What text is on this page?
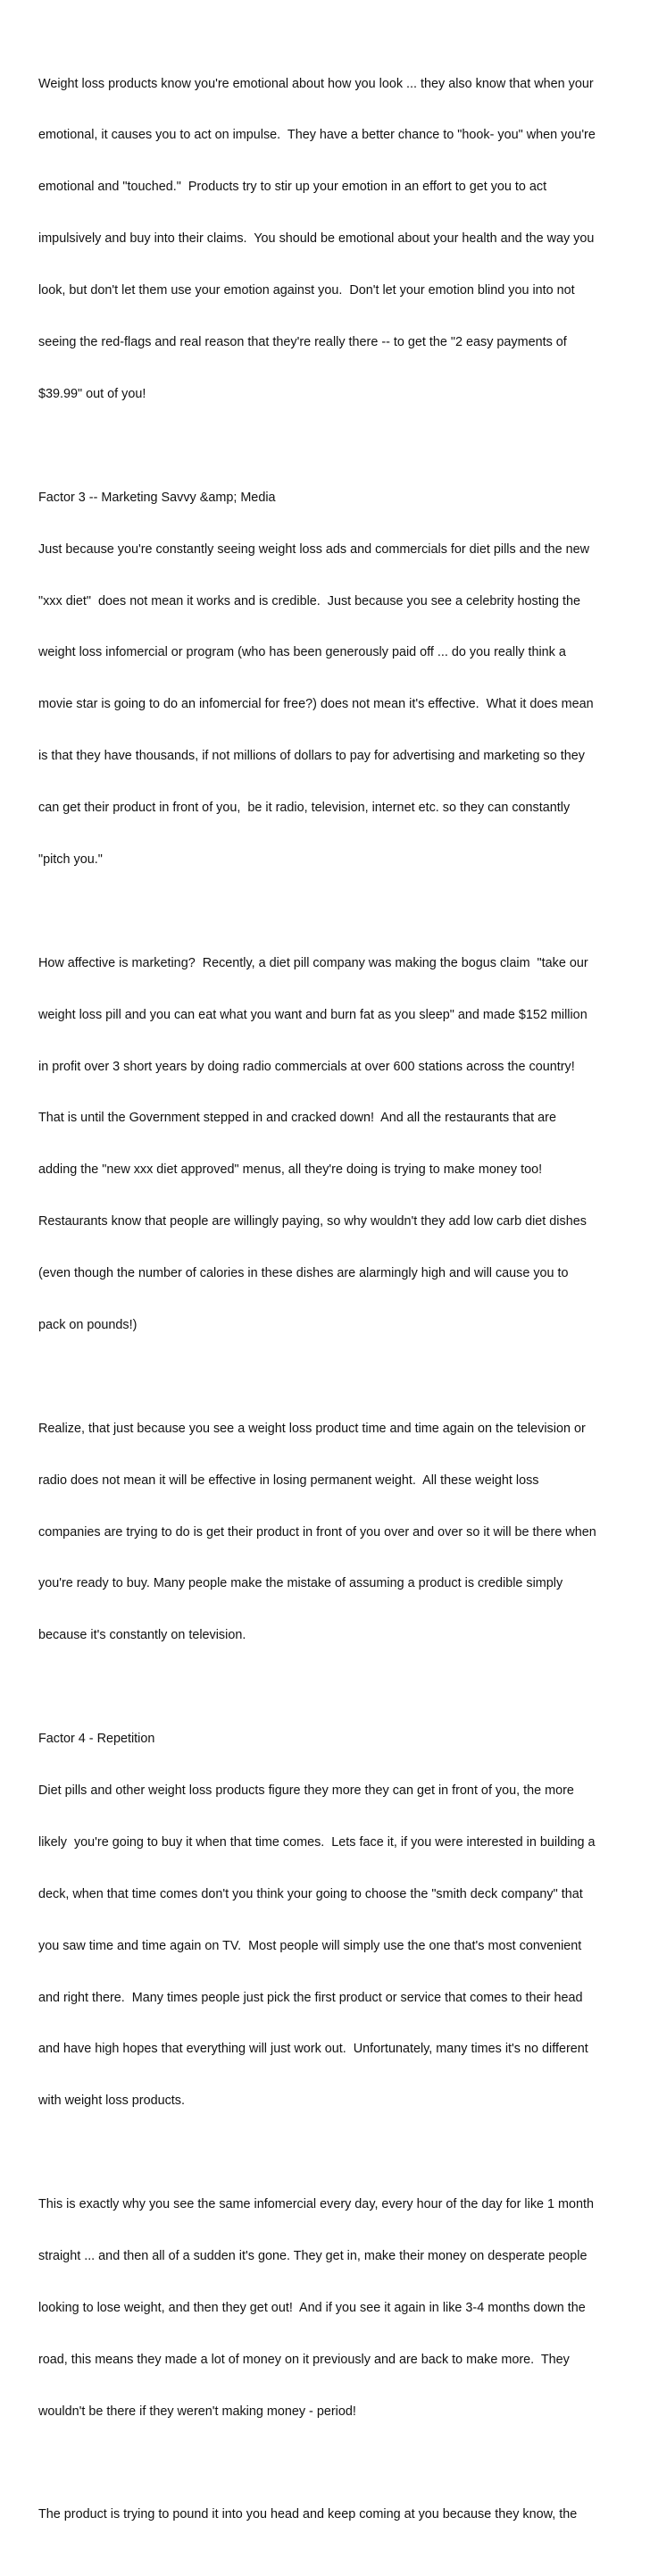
Weight loss products know you're emotional about how you look ... they also know that when your

emotional, it causes you to act on impulse.  They have a better chance to "hook- you" when you're

emotional and "touched."  Products try to stir up your emotion in an effort to get you to act

impulsively and buy into their claims.  You should be emotional about your health and the way you

look, but don't let them use your emotion against you.  Don't let your emotion blind you into not

seeing the red-flags and real reason that they're really there -- to get the "2 easy payments of

$39.99" out of you!

Factor 3 -- Marketing Savvy &amp; Media

Just because you're constantly seeing weight loss ads and commercials for diet pills and the new

"xxx diet"  does not mean it works and is credible.  Just because you see a celebrity hosting the

weight loss infomercial or program (who has been generously paid off ... do you really think a

movie star is going to do an infomercial for free?) does not mean it's effective.  What it does mean

is that they have thousands, if not millions of dollars to pay for advertising and marketing so they

can get their product in front of you,  be it radio, television, internet etc. so they can constantly

"pitch you."

How affective is marketing?  Recently, a diet pill company was making the bogus claim  "take our

weight loss pill and you can eat what you want and burn fat as you sleep" and made $152 million

in profit over 3 short years by doing radio commercials at over 600 stations across the country!

That is until the Government stepped in and cracked down!  And all the restaurants that are

adding the "new xxx diet approved" menus, all they're doing is trying to make money too!

Restaurants know that people are willingly paying, so why wouldn't they add low carb diet dishes

(even though the number of calories in these dishes are alarmingly high and will cause you to

pack on pounds!)

Realize, that just because you see a weight loss product time and time again on the television or

radio does not mean it will be effective in losing permanent weight.  All these weight loss

companies are trying to do is get their product in front of you over and over so it will be there when

you're ready to buy. Many people make the mistake of assuming a product is credible simply

because it's constantly on television.

Factor 4 - Repetition

Diet pills and other weight loss products figure they more they can get in front of you, the more

likely  you're going to buy it when that time comes.  Lets face it, if you were interested in building a

deck, when that time comes don't you think your going to choose the "smith deck company" that

you saw time and time again on TV.  Most people will simply use the one that's most convenient

and right there.  Many times people just pick the first product or service that comes to their head

and have high hopes that everything will just work out.  Unfortunately, many times it's no different

with weight loss products.

This is exactly why you see the same infomercial every day, every hour of the day for like 1 month

straight ... and then all of a sudden it's gone. They get in, make their money on desperate people

looking to lose weight, and then they get out!  And if you see it again in like 3-4 months down the

road, this means they made a lot of money on it previously and are back to make more.  They

wouldn't be there if they weren't making money - period!

The product is trying to pound it into you head and keep coming at you because they know, the
